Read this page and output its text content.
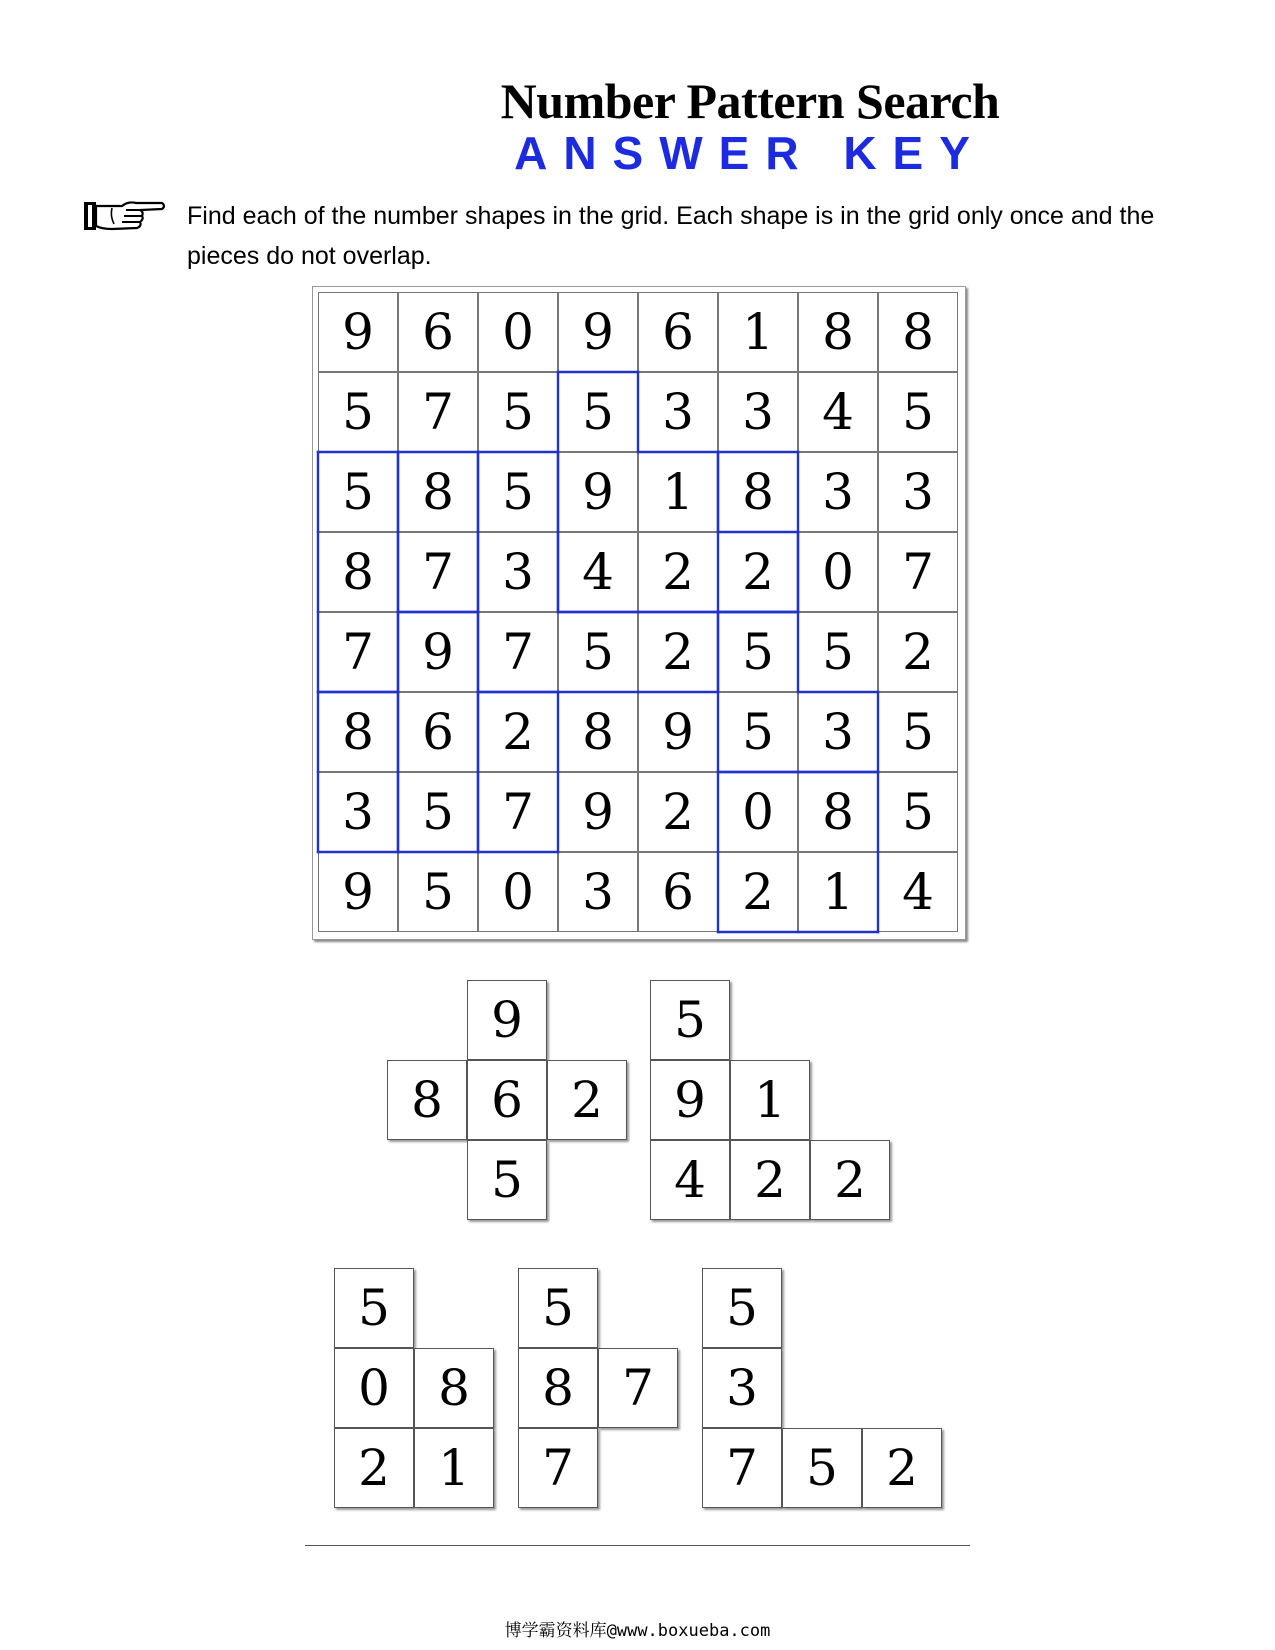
Number Pattern Search
ANSWER KEY
Find each of the number shapes in the grid. Each shape is in the grid only once and the pieces do not overlap.
9 6 0 9 6 1 8 8
5 7 5 5 3 3 4 5
5 8 5 9 1 8 3 3
8 7 3 4 2 2 0 7
7 9 7 5 2 5 5 2
8 6 2 8 9 5 3 5
3 5 7 9 2 0 8 5
9 5 0 3 6 2 1 4
9
8 6 2
5
5
9 1
4 2 2
5
0 8
2 1
5
8 7
7
5
3
7 5 2
博学霸资料库@www.boxueba.com
